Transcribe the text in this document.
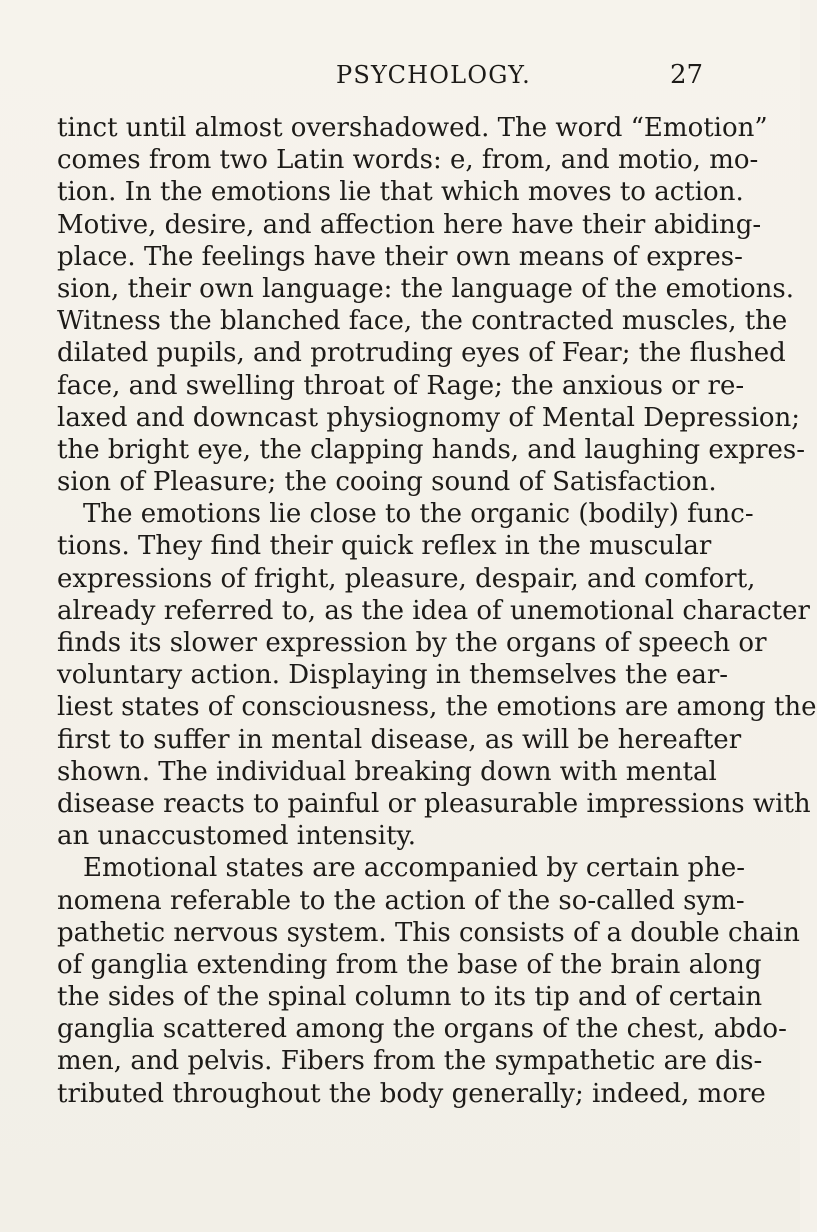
PSYCHOLOGY.	27
tinct until almost overshadowed. The word “Emotion”
comes from two Latin words: e, from, and motio, mo-
tion. In the emotions lie that which moves to action.
Motive, desire, and affection here have their abiding-
place. The feelings have their own means of expres-
sion, their own language: the language of the emotions.
Witness the blanched face, the contracted muscles, the
dilated pupils, and protruding eyes of Fear; the flushed
face, and swelling throat of Rage; the anxious or re-
laxed and downcast physiognomy of Mental Depression;
the bright eye, the clapping hands, and laughing expres-
sion of Pleasure; the cooing sound of Satisfaction.
The emotions lie close to the organic (bodily) func-
tions. They find their quick reflex in the muscular
expressions of fright, pleasure, despair, and comfort,
already referred to, as the idea of unemotional character
finds its slower expression by the organs of speech or
voluntary action. Displaying in themselves the ear-
liest states of consciousness, the emotions are among the
first to suffer in mental disease, as will be hereafter
shown. The individual breaking down with mental
disease reacts to painful or pleasurable impressions with
an unaccustomed intensity.
Emotional states are accompanied by certain phe-
nomena referable to the action of the so-called sym-
pathetic nervous system. This consists of a double chain
of ganglia extending from the base of the brain along
the sides of the spinal column to its tip and of certain
ganglia scattered among the organs of the chest, abdo-
men, and pelvis. Fibers from the sympathetic are dis-
tributed throughout the body generally; indeed, more
